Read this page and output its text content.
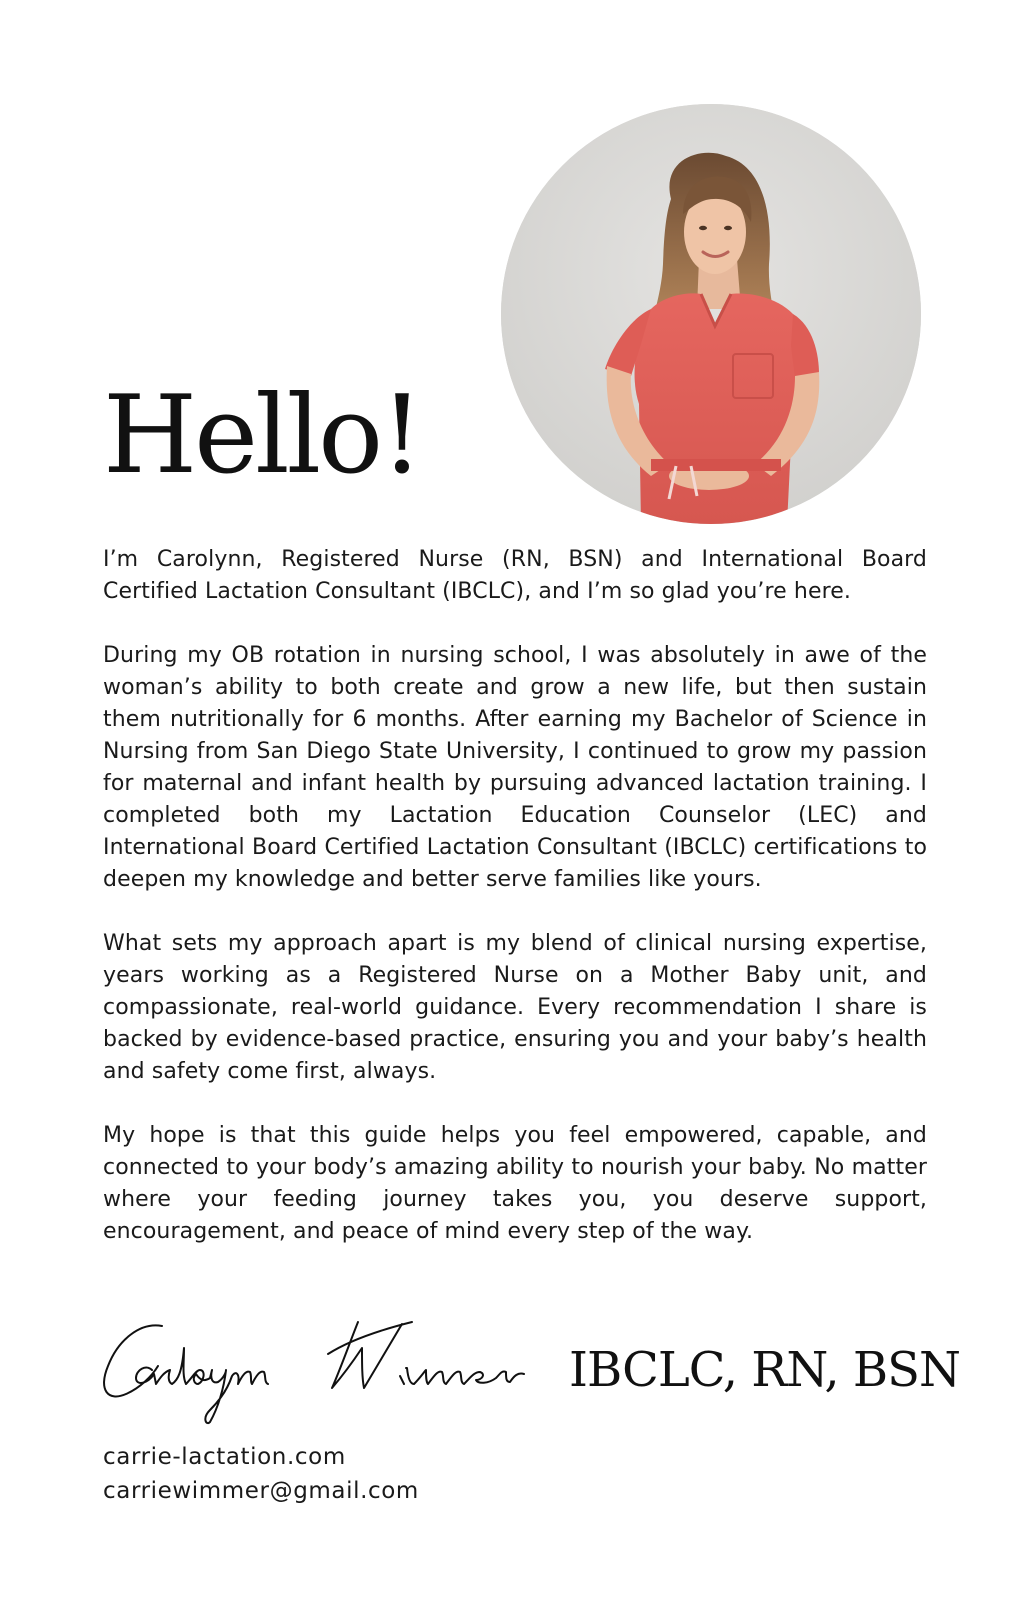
Hello!

I’m Carolynn, Registered Nurse (RN, BSN) and International Board Certified Lactation Consultant (IBCLC), and I’m so glad you’re here.

During my OB rotation in nursing school, I was absolutely in awe of the woman’s ability to both create and grow a new life, but then sustain them nutritionally for 6 months. After earning my Bachelor of Science in Nursing from San Diego State University, I continued to grow my passion for maternal and infant health by pursuing advanced lactation training. I completed both my Lactation Education Counselor (LEC) and International Board Certified Lactation Consultant (IBCLC) certifications to deepen my knowledge and better serve families like yours.

What sets my approach apart is my blend of clinical nursing expertise, years working as a Registered Nurse on a Mother Baby unit, and compassionate, real-world guidance. Every recommendation I share is backed by evidence-based practice, ensuring you and your baby’s health and safety come first, always.

My hope is that this guide helps you feel empowered, capable, and connected to your body’s amazing ability to nourish your baby. No matter where your feeding journey takes you, you deserve support, encouragement, and peace of mind every step of the way.

IBCLC, RN, BSN
carrie-lactation.com
carriewimmer@gmail.com
